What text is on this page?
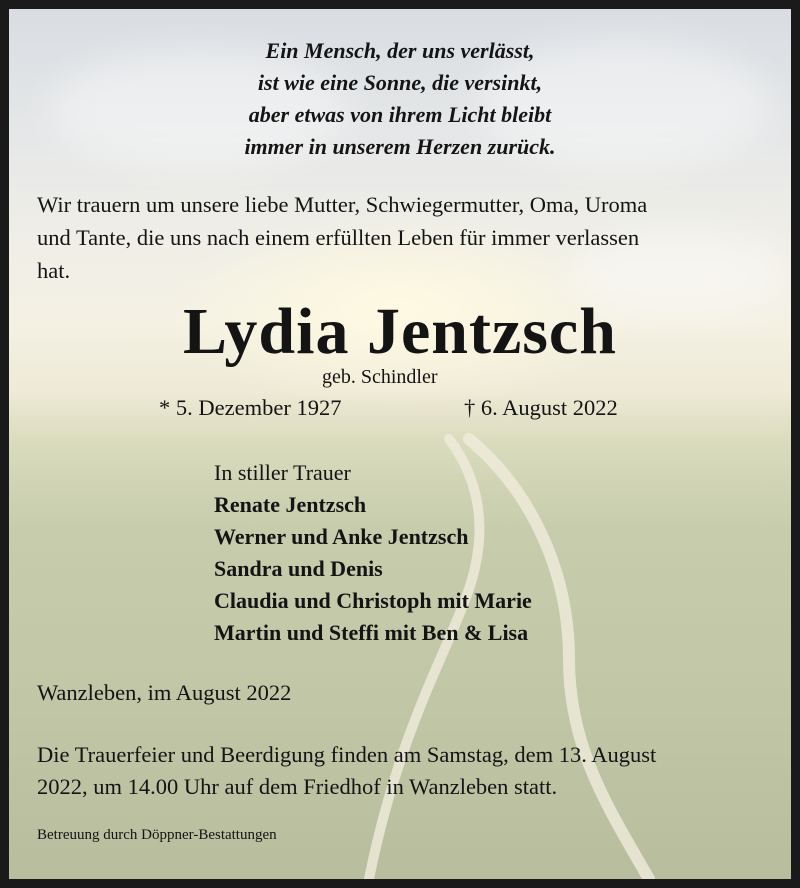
Ein Mensch, der uns verlässt,
ist wie eine Sonne, die versinkt,
aber etwas von ihrem Licht bleibt
immer in unserem Herzen zurück.
Wir trauern um unsere liebe Mutter, Schwiegermutter, Oma, Uroma
und Tante, die uns nach einem erfüllten Leben für immer verlassen
hat.
Lydia Jentzsch
geb. Schindler
* 5. Dezember 1927	† 6. August 2022
In stiller Trauer
Renate Jentzsch
Werner und Anke Jentzsch
Sandra und Denis
Claudia und Christoph mit Marie
Martin und Steffi mit Ben & Lisa
Wanzleben, im August 2022
Die Trauerfeier und Beerdigung finden am Samstag, dem 13. August
2022, um 14.00 Uhr auf dem Friedhof in Wanzleben statt.
Betreuung durch Döppner-Bestattungen
